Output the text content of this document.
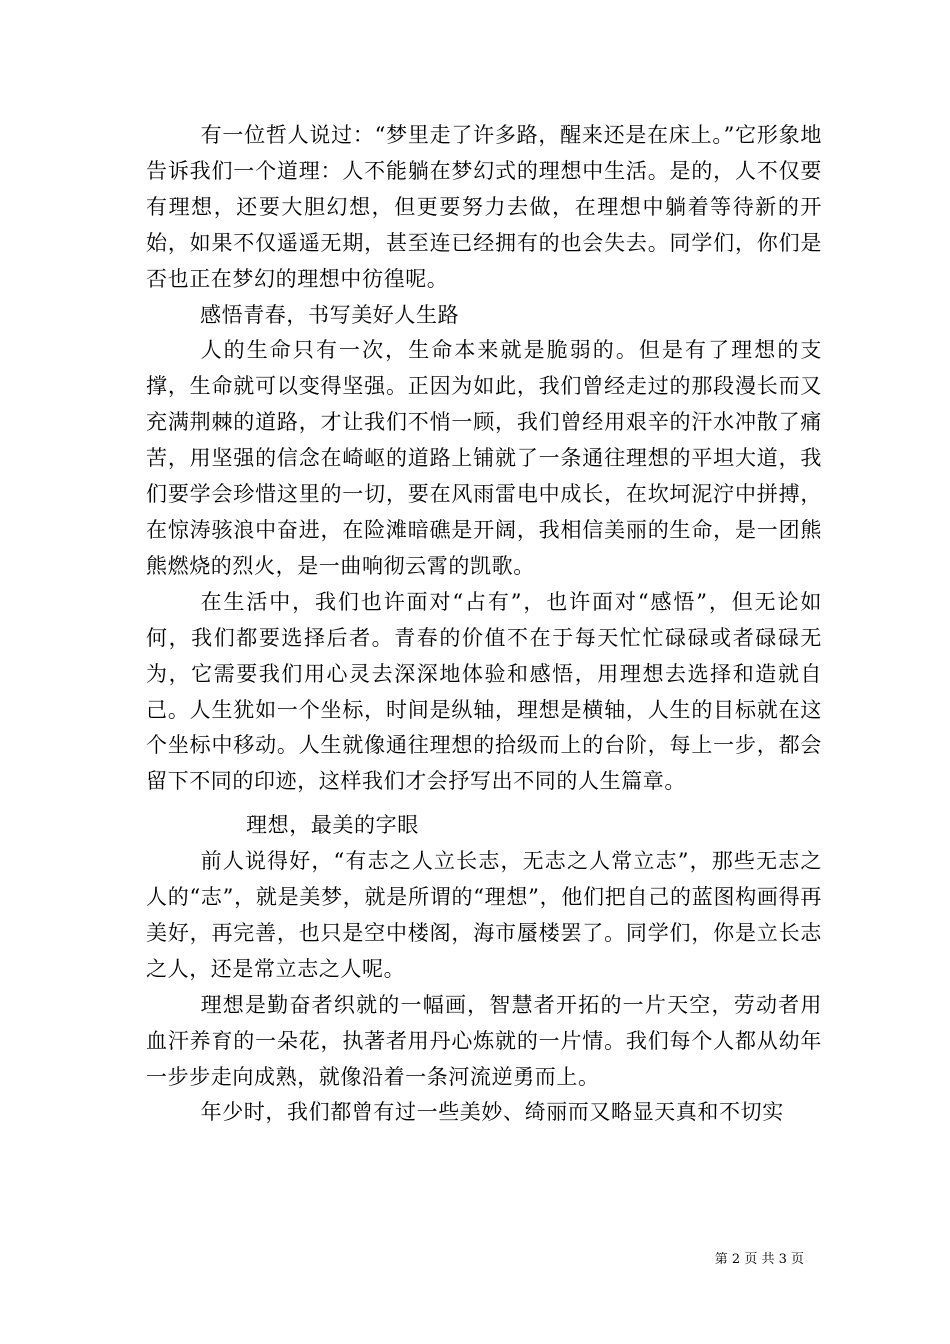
有一位哲人说过：“梦里走了许多路，醒来还是在床上。”它形象地告诉我们一个道理：人不能躺在梦幻式的理想中生活。是的，人不仅要有理想，还要大胆幻想，但更要努力去做，在理想中躺着等待新的开始，如果不仅遥遥无期，甚至连已经拥有的也会失去。同学们，你们是否也正在梦幻的理想中彷徨呢。

感悟青春，书写美好人生路

人的生命只有一次，生命本来就是脆弱的。但是有了理想的支撑，生命就可以变得坚强。正因为如此，我们曾经走过的那段漫长而又充满荆棘的道路，才让我们不悄一顾，我们曾经用艰辛的汗水冲散了痛苦，用坚强的信念在崎岖的道路上铺就了一条通往理想的平坦大道，我们要学会珍惜这里的一切，要在风雨雷电中成长，在坎坷泥泞中拼搏，在惊涛骇浪中奋进，在险滩暗礁是开阔，我相信美丽的生命，是一团熊熊燃烧的烈火，是一曲响彻云霄的凯歌。

在生活中，我们也许面对“占有”，也许面对“感悟”，但无论如何，我们都要选择后者。青春的价值不在于每天忙忙碌碌或者碌碌无为，它需要我们用心灵去深深地体验和感悟，用理想去选择和造就自己。人生犹如一个坐标，时间是纵轴，理想是横轴，人生的目标就在这个坐标中移动。人生就像通往理想的拾级而上的台阶，每上一步，都会留下不同的印迹，这样我们才会抒写出不同的人生篇章。

理想，最美的字眼

前人说得好，“有志之人立长志，无志之人常立志”，那些无志之人的“志”，就是美梦，就是所谓的“理想”，他们把自己的蓝图构画得再美好，再完善，也只是空中楼阁，海市蜃楼罢了。同学们，你是立长志之人，还是常立志之人呢。

理想是勤奋者织就的一幅画，智慧者开拓的一片天空，劳动者用血汗养育的一朵花，执著者用丹心炼就的一片情。我们每个人都从幼年一步步走向成熟，就像沿着一条河流逆勇而上。

年少时，我们都曾有过一些美妙、绮丽而又略显天真和不切实

第 2 页 共 3 页
